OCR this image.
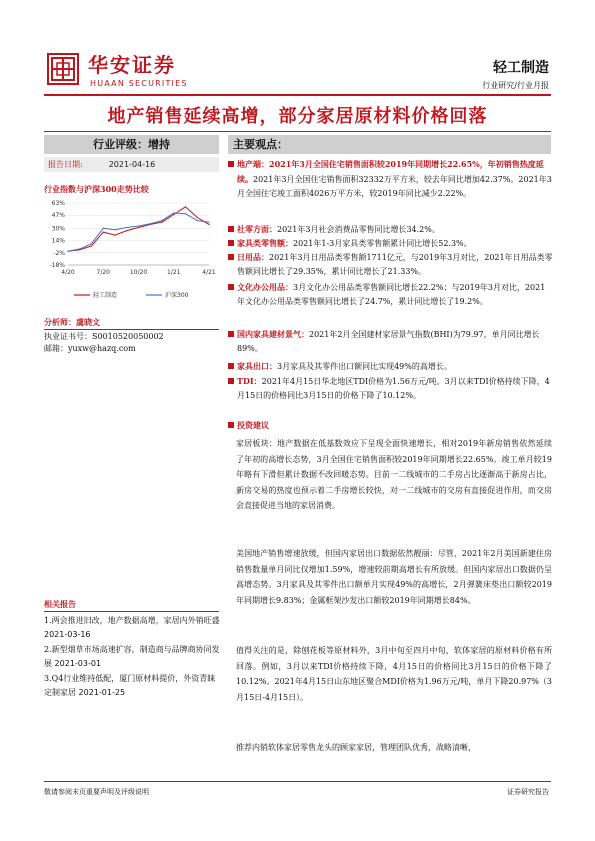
华安证券
HUAAN SECURITIES
轻工制造
行业研究/行业月报
地产销售延续高增，部分家居原材料价格回落
行业评级：增持
报告日期:	2021-04-16
行业指数与沪深300走势比较
63%
47%
30%
14%
-2%
-18%
4/20	7/20	10/20	1/21	4/21
轻工制造	沪深300
分析师：虞晓文
执业证书号：S0010520050002
邮箱：yuxw@hazq.com
相关报告
1.两会推进旧改，地产数据高增，家居内外销旺盛 2021-03-16
2.新型烟草市场高速扩容，制造商与品牌商协同发展 2021-03-01
3.Q4行业维持低配，厦门原材料提价，外资青睐定制家居 2021-01-25
主要观点：
地产端：2021年3月全国住宅销售面积较2019年同期增长22.65%，年初销售热度延续。2021年3月全国住宅销售面积32332万平方米，较去年同比增加42.37%。2021年3月全国住宅竣工面积4026万平方米，较2019年同比减少2.22%。
社零方面：2021年3月社会消费品零售同比增长34.2%。
家具类零售额：2021年1-3月家具类零售额累计同比增长52.3%。
日用品：2021年3月日用品类零售额1711亿元，与2019年3月对比，2021年日用品类零售额同比增长了29.35%，累计同比增长了21.33%。
文化办公用品：3月文化办公用品类零售额同比增长22.2%；与2019年3月对比，2021年文化办公用品类零售额同比增长了24.7%，累计同比增长了19.2%。
国内家具建材景气：2021年2月全国建材家居景气指数(BHI)为79.97，单月同比增长89%。
家具出口：3月家具及其零件出口额同比实现49%的高增长。
TDI：2021年4月15日华北地区TDI价格为1.56万元/吨。3月以来TDI价格持续下降，4月15日的价格同比3月15日的价格下降了10.12%。
投资建议
家居板块：地产数据在低基数效应下呈现全面快速增长，相对2019年新房销售依然延续了年初的高增长态势，3月全国住宅销售面积较2019年同期增长22.65%。竣工单月较19年略有下滑但累计数据不改回暖态势。目前一二线城市的二手房占比逐渐高于新房占比，新房交易的热度也预示着二手房增长较快，对一二线城市的交房有直接促进作用，而交房会直接促进当地的家居消费。
美国地产销售增速放缓，但国内家居出口数据依然靓丽：尽管，2021年2月美国新建住房销售数量单月同比仅增加1.59%，增速较前期高增长有所放缓。但国内家居出口数据仍呈高增态势。3月家具及其零件出口额单月实现49%的高增长，2月弹簧床垫出口额较2019年同期增长9.83%；金属框架沙发出口额较2019年同期增长84%。
值得关注的是，除刨花板等原材料外，3月中旬至四月中旬，软体家居的原材料价格有所回落。例如，3月以来TDI价格持续下降，4月15日的价格同比3月15日的价格下降了10.12%。2021年4月15日山东地区聚合MDI价格为1.96万元/吨，单月下降20.97%（3月15日-4月15日）。
推荐内销软体家居零售龙头的顾家家居，管理团队优秀，战略清晰，
敬请参阅末页重要声明及评级说明	证券研究报告
